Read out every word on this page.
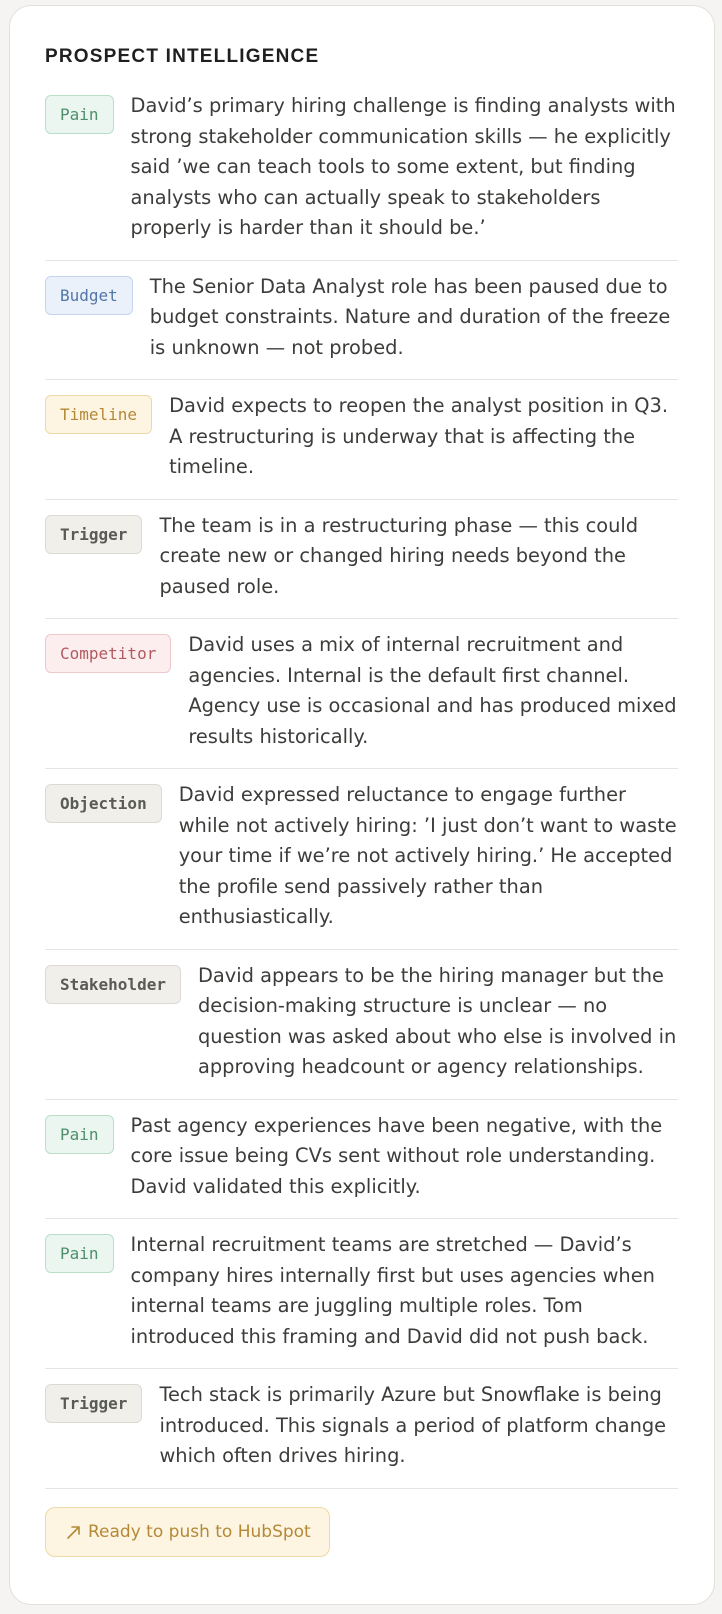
PROSPECT INTELLIGENCE
Pain	David’s primary hiring challenge is finding analysts with strong stakeholder communication skills — he explicitly said ’we can teach tools to some extent, but finding analysts who can actually speak to stakeholders properly is harder than it should be.’
Budget	The Senior Data Analyst role has been paused due to budget constraints. Nature and duration of the freeze is unknown — not probed.
Timeline	David expects to reopen the analyst position in Q3. A restructuring is underway that is affecting the timeline.
Trigger	The team is in a restructuring phase — this could create new or changed hiring needs beyond the paused role.
Competitor	David uses a mix of internal recruitment and agencies. Internal is the default first channel. Agency use is occasional and has produced mixed results historically.
Objection	David expressed reluctance to engage further while not actively hiring: ’I just don’t want to waste your time if we’re not actively hiring.’ He accepted the profile send passively rather than enthusiastically.
Stakeholder	David appears to be the hiring manager but the decision-making structure is unclear — no question was asked about who else is involved in approving headcount or agency relationships.
Pain	Past agency experiences have been negative, with the core issue being CVs sent without role understanding. David validated this explicitly.
Pain	Internal recruitment teams are stretched — David’s company hires internally first but uses agencies when internal teams are juggling multiple roles. Tom introduced this framing and David did not push back.
Trigger	Tech stack is primarily Azure but Snowflake is being introduced. This signals a period of platform change which often drives hiring.
Ready to push to HubSpot
